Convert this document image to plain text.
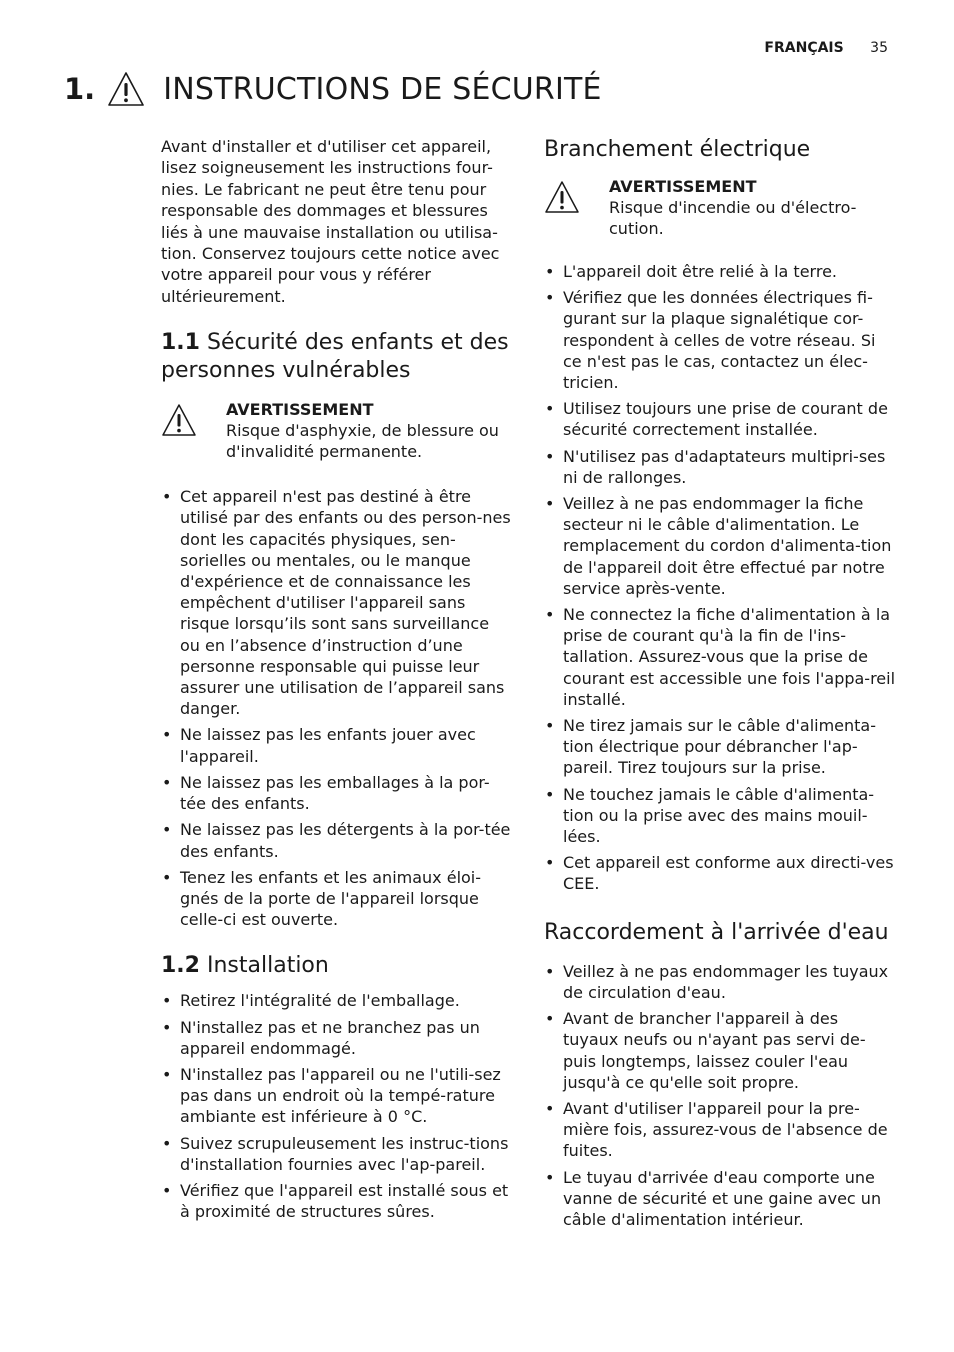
FRANÇAIS 35
1. INSTRUCTIONS DE SÉCURITÉ

Avant d'installer et d'utiliser cet appareil, lisez soigneusement les instructions four-nies. Le fabricant ne peut être tenu pour responsable des dommages et blessures liés à une mauvaise installation ou utilisa-tion. Conservez toujours cette notice avec votre appareil pour vous y référer ultérieurement.

1.1 Sécurité des enfants et des personnes vulnérables
AVERTISSEMENT
Risque d'asphyxie, de blessure ou d'invalidité permanente.
• Cet appareil n'est pas destiné à être utilisé par des enfants ou des person-nes dont les capacités physiques, sen-sorielles ou mentales, ou le manque d'expérience et de connaissance les empêchent d'utiliser l'appareil sans risque lorsqu’ils sont sans surveillance ou en l’absence d’instruction d’une personne responsable qui puisse leur assurer une utilisation de l’appareil sans danger.
• Ne laissez pas les enfants jouer avec l'appareil.
• Ne laissez pas les emballages à la por-tée des enfants.
• Ne laissez pas les détergents à la por-tée des enfants.
• Tenez les enfants et les animaux éloi-gnés de la porte de l'appareil lorsque celle-ci est ouverte.
1.2 Installation
• Retirez l'intégralité de l'emballage.
• N'installez pas et ne branchez pas un appareil endommagé.
• N'installez pas l'appareil ou ne l'utili-sez pas dans un endroit où la tempé-rature ambiante est inférieure à 0 °C.
• Suivez scrupuleusement les instruc-tions d'installation fournies avec l'ap-pareil.
• Vérifiez que l'appareil est installé sous et à proximité de structures sûres.
Branchement électrique
AVERTISSEMENT
Risque d'incendie ou d'électro-cution.
• L'appareil doit être relié à la terre.
• Vérifiez que les données électriques fi-gurant sur la plaque signalétique cor-respondent à celles de votre réseau. Si ce n'est pas le cas, contactez un élec-tricien.
• Utilisez toujours une prise de courant de sécurité correctement installée.
• N'utilisez pas d'adaptateurs multipri-ses ni de rallonges.
• Veillez à ne pas endommager la fiche secteur ni le câble d'alimentation. Le remplacement du cordon d'alimenta-tion de l'appareil doit être effectué par notre service après-vente.
• Ne connectez la fiche d'alimentation à la prise de courant qu'à la fin de l'ins-tallation. Assurez-vous que la prise de courant est accessible une fois l'appa-reil installé.
• Ne tirez jamais sur le câble d'alimenta-tion électrique pour débrancher l'ap-pareil. Tirez toujours sur la prise.
• Ne touchez jamais le câble d'alimenta-tion ou la prise avec des mains mouil-lées.
• Cet appareil est conforme aux directi-ves CEE.
Raccordement à l'arrivée d'eau
• Veillez à ne pas endommager les tuyaux de circulation d'eau.
• Avant de brancher l'appareil à des tuyaux neufs ou n'ayant pas servi de-puis longtemps, laissez couler l'eau jusqu'à ce qu'elle soit propre.
• Avant d'utiliser l'appareil pour la pre-mière fois, assurez-vous de l'absence de fuites.
• Le tuyau d'arrivée d'eau comporte une vanne de sécurité et une gaine avec un câble d'alimentation intérieur.
